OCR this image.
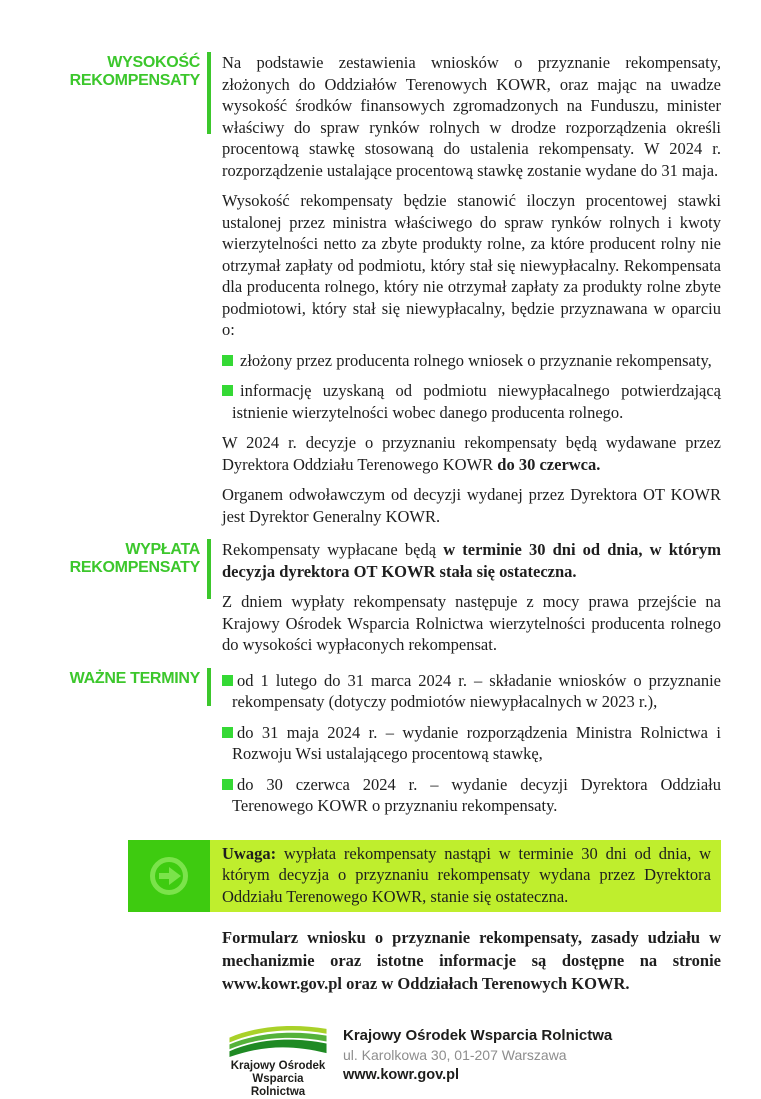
WYSOKOŚĆ
REKOMPENSATY

Na podstawie zestawienia wniosków o przyznanie rekompensaty, złożonych do Oddziałów Terenowych KOWR, oraz mając na uwadze wysokość środków finansowych zgromadzonych na Funduszu, minister właściwy do spraw rynków rolnych w drodze rozporządzenia określi procentową stawkę stosowaną do ustalenia rekompensaty. W 2024 r. rozporządzenie ustalające procentową stawkę zostanie wydane do 31 maja.

Wysokość rekompensaty będzie stanowić iloczyn procentowej stawki ustalonej przez ministra właściwego do spraw rynków rolnych i kwoty wierzytelności netto za zbyte produkty rolne, za które producent rolny nie otrzymał zapłaty od podmiotu, który stał się niewypłacalny. Rekompensata dla producenta rolnego, który nie otrzymał zapłaty za produkty rolne zbyte podmiotowi, który stał się niewypłacalny, będzie przyznawana w oparciu o:

złożony przez producenta rolnego wniosek o przyznanie rekompensaty,
informację uzyskaną od podmiotu niewypłacalnego potwierdzającą istnienie wierzytelności wobec danego producenta rolnego.

W 2024 r. decyzje o przyznaniu rekompensaty będą wydawane przez Dyrektora Oddziału Terenowego KOWR do 30 czerwca.

Organem odwoławczym od decyzji wydanej przez Dyrektora OT KOWR jest Dyrektor Generalny KOWR.

WYPŁATA
REKOMPENSATY

Rekompensaty wypłacane będą w terminie 30 dni od dnia, w którym decyzja dyrektora OT KOWR stała się ostateczna.

Z dniem wypłaty rekompensaty następuje z mocy prawa przejście na Krajowy Ośrodek Wsparcia Rolnictwa wierzytelności producenta rolnego do wysokości wypłaconych rekompensat.

WAŻNE TERMINY	od 1 lutego do 31 marca 2024 r. – składanie wniosków o przyznanie rekompensaty (dotyczy podmiotów niewypłacalnych w 2023 r.),
do 31 maja 2024 r. – wydanie rozporządzenia Ministra Rolnictwa i Rozwoju Wsi ustalającego procentową stawkę,
do 30 czerwca 2024 r. – wydanie decyzji Dyrektora Oddziału Terenowego KOWR o przyznaniu rekompensaty.
Uwaga: wypłata rekompensaty nastąpi w terminie 30 dni od dnia, w którym decyzja o przyznaniu rekompensaty wydana przez Dyrektora Oddziału Terenowego KOWR, stanie się ostateczna.

Formularz wniosku o przyznanie rekompensaty, zasady udziału w mechanizmie oraz istotne informacje są dostępne na stronie www.kowr.gov.pl oraz w Oddziałach Terenowych KOWR.

Krajowy Ośrodek
Wsparcia Rolnictwa
Krajowy Ośrodek Wsparcia Rolnictwa
ul. Karolkowa 30, 01-207 Warszawa
www.kowr.gov.pl
